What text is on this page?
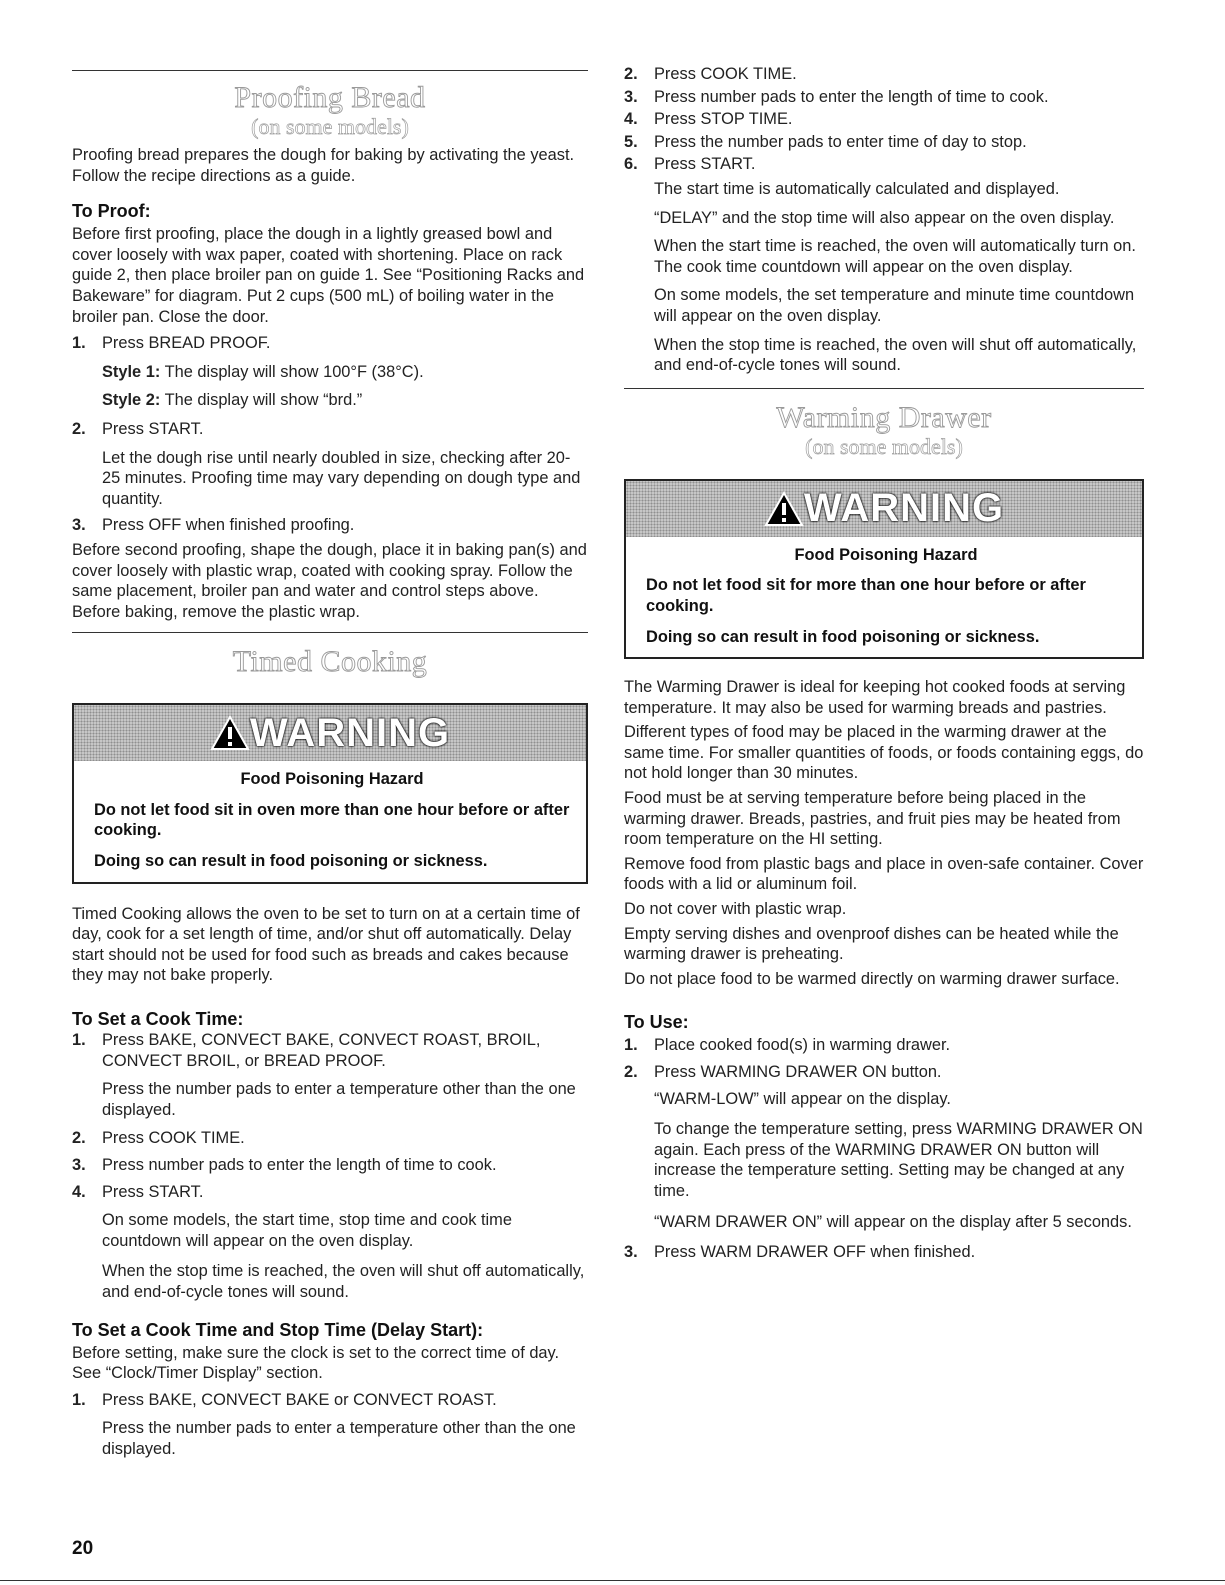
Proofing Bread
(on some models)

Proofing bread prepares the dough for baking by activating the yeast. Follow the recipe directions as a guide.

To Proof:

Before first proofing, place the dough in a lightly greased bowl and cover loosely with wax paper, coated with shortening. Place on rack guide 2, then place broiler pan on guide 1. See “Positioning Racks and Bakeware” for diagram. Put 2 cups (500 mL) of boiling water in the broiler pan. Close the door.

1. Press BREAD PROOF.

Style 1: The display will show 100°F (38°C).

Style 2: The display will show “brd.”

2. Press START.

Let the dough rise until nearly doubled in size, checking after 20-25 minutes. Proofing time may vary depending on dough type and quantity.

3. Press OFF when finished proofing.

Before second proofing, shape the dough, place it in baking pan(s) and cover loosely with plastic wrap, coated with cooking spray. Follow the same placement, broiler pan and water and control steps above. Before baking, remove the plastic wrap.

Timed Cooking
WARNING

Food Poisoning Hazard

Do not let food sit in oven more than one hour before or after cooking.

Doing so can result in food poisoning or sickness.

Timed Cooking allows the oven to be set to turn on at a certain time of day, cook for a set length of time, and/or shut off automatically. Delay start should not be used for food such as breads and cakes because they may not bake properly.

To Set a Cook Time:
1. Press BAKE, CONVECT BAKE, CONVECT ROAST, BROIL, CONVECT BROIL, or BREAD PROOF.

Press the number pads to enter a temperature other than the one displayed.

2. Press COOK TIME.
3. Press number pads to enter the length of time to cook.
4. Press START.

On some models, the start time, stop time and cook time countdown will appear on the oven display.

When the stop time is reached, the oven will shut off automatically, and end-of-cycle tones will sound.

To Set a Cook Time and Stop Time (Delay Start):

Before setting, make sure the clock is set to the correct time of day. See “Clock/Timer Display” section.

1. Press BAKE, CONVECT BAKE or CONVECT ROAST.

Press the number pads to enter a temperature other than the one displayed.

2. Press COOK TIME.
3. Press number pads to enter the length of time to cook.
4. Press STOP TIME.
5. Press the number pads to enter time of day to stop.
6. Press START.

The start time is automatically calculated and displayed.

“DELAY” and the stop time will also appear on the oven display.

When the start time is reached, the oven will automatically turn on. The cook time countdown will appear on the oven display.

On some models, the set temperature and minute time countdown will appear on the oven display.

When the stop time is reached, the oven will shut off automatically, and end-of-cycle tones will sound.

Warming Drawer
(on some models)
WARNING

Food Poisoning Hazard

Do not let food sit for more than one hour before or after cooking.

Doing so can result in food poisoning or sickness.

The Warming Drawer is ideal for keeping hot cooked foods at serving temperature. It may also be used for warming breads and pastries.

Different types of food may be placed in the warming drawer at the same time. For smaller quantities of foods, or foods containing eggs, do not hold longer than 30 minutes.

Food must be at serving temperature before being placed in the warming drawer. Breads, pastries, and fruit pies may be heated from room temperature on the HI setting.

Remove food from plastic bags and place in oven-safe container. Cover foods with a lid or aluminum foil.

Do not cover with plastic wrap.

Empty serving dishes and ovenproof dishes can be heated while the warming drawer is preheating.

Do not place food to be warmed directly on warming drawer surface.

To Use:
1. Place cooked food(s) in warming drawer.
2. Press WARMING DRAWER ON button.

“WARM-LOW” will appear on the display.

To change the temperature setting, press WARMING DRAWER ON again. Each press of the WARMING DRAWER ON button will increase the temperature setting. Setting may be changed at any time.

“WARM DRAWER ON” will appear on the display after 5 seconds.

3. Press WARM DRAWER OFF when finished.
20
